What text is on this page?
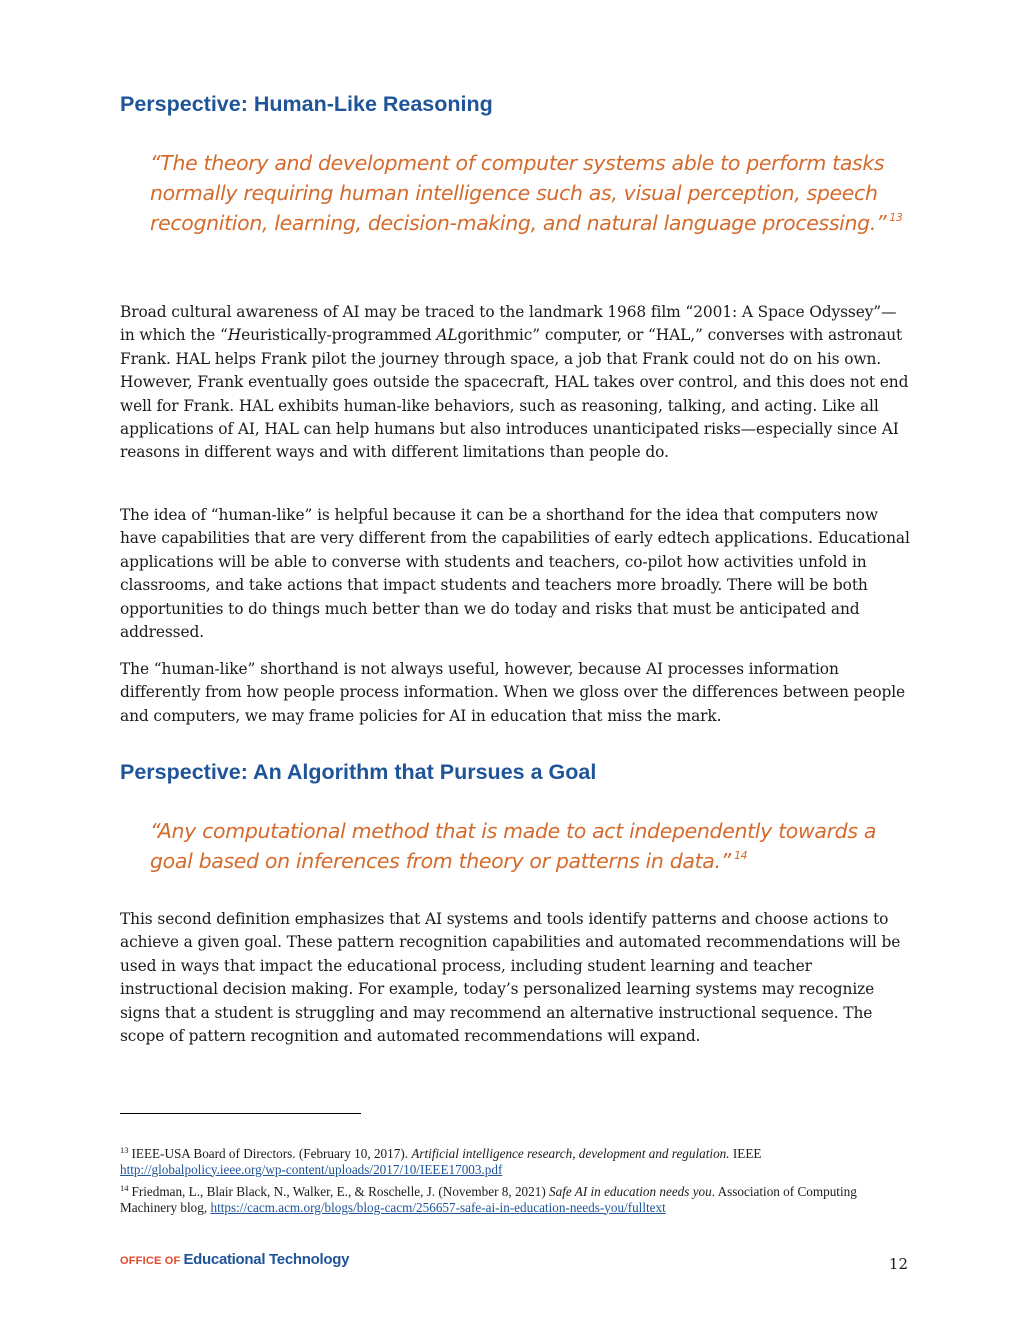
Perspective: Human-Like Reasoning

“The theory and development of computer systems able to perform tasks normally requiring human intelligence such as, visual perception, speech recognition, learning, decision-making, and natural language processing.” $^{13}$

Broad cultural awareness of AI may be traced to the landmark 1968 film “2001: A Space Odyssey”—in which the “Heuristically-programmed ALgorithmic” computer, or “HAL,” converses with astronaut Frank. HAL helps Frank pilot the journey through space, a job that Frank could not do on his own. However, Frank eventually goes outside the spacecraft, HAL takes over control, and this does not end well for Frank. HAL exhibits human-like behaviors, such as reasoning, talking, and acting. Like all applications of AI, HAL can help humans but also introduces unanticipated risks—especially since AI reasons in different ways and with different limitations than people do.

The idea of “human-like” is helpful because it can be a shorthand for the idea that computers now have capabilities that are very different from the capabilities of early edtech applications. Educational applications will be able to converse with students and teachers, co-pilot how activities unfold in classrooms, and take actions that impact students and teachers more broadly. There will be both opportunities to do things much better than we do today and risks that must be anticipated and addressed.

The “human-like” shorthand is not always useful, however, because AI processes information differently from how people process information. When we gloss over the differences between people and computers, we may frame policies for AI in education that miss the mark.

Perspective: An Algorithm that Pursues a Goal

“Any computational method that is made to act independently towards a goal based on inferences from theory or patterns in data.” $^{14}$

This second definition emphasizes that AI systems and tools identify patterns and choose actions to achieve a given goal. These pattern recognition capabilities and automated recommendations will be used in ways that impact the educational process, including student learning and teacher instructional decision making. For example, today’s personalized learning systems may recognize signs that a student is struggling and may recommend an alternative instructional sequence. The scope of pattern recognition and automated recommendations will expand.

$^{13}$ IEEE-USA Board of Directors. (February 10, 2017). Artificial intelligence research, development and regulation. IEEE
http://globalpolicy.ieee.org/wp-content/uploads/2017/10/IEEE17003.pdf

$^{14}$ Friedman, L., Blair Black, N., Walker, E., & Roschelle, J. (November 8, 2021) Safe AI in education needs you. Association of Computing Machinery blog, https://cacm.acm.org/blogs/blog-cacm/256657-safe-ai-in-education-needs-you/fulltext

OFFICE OF Educational Technology	12
